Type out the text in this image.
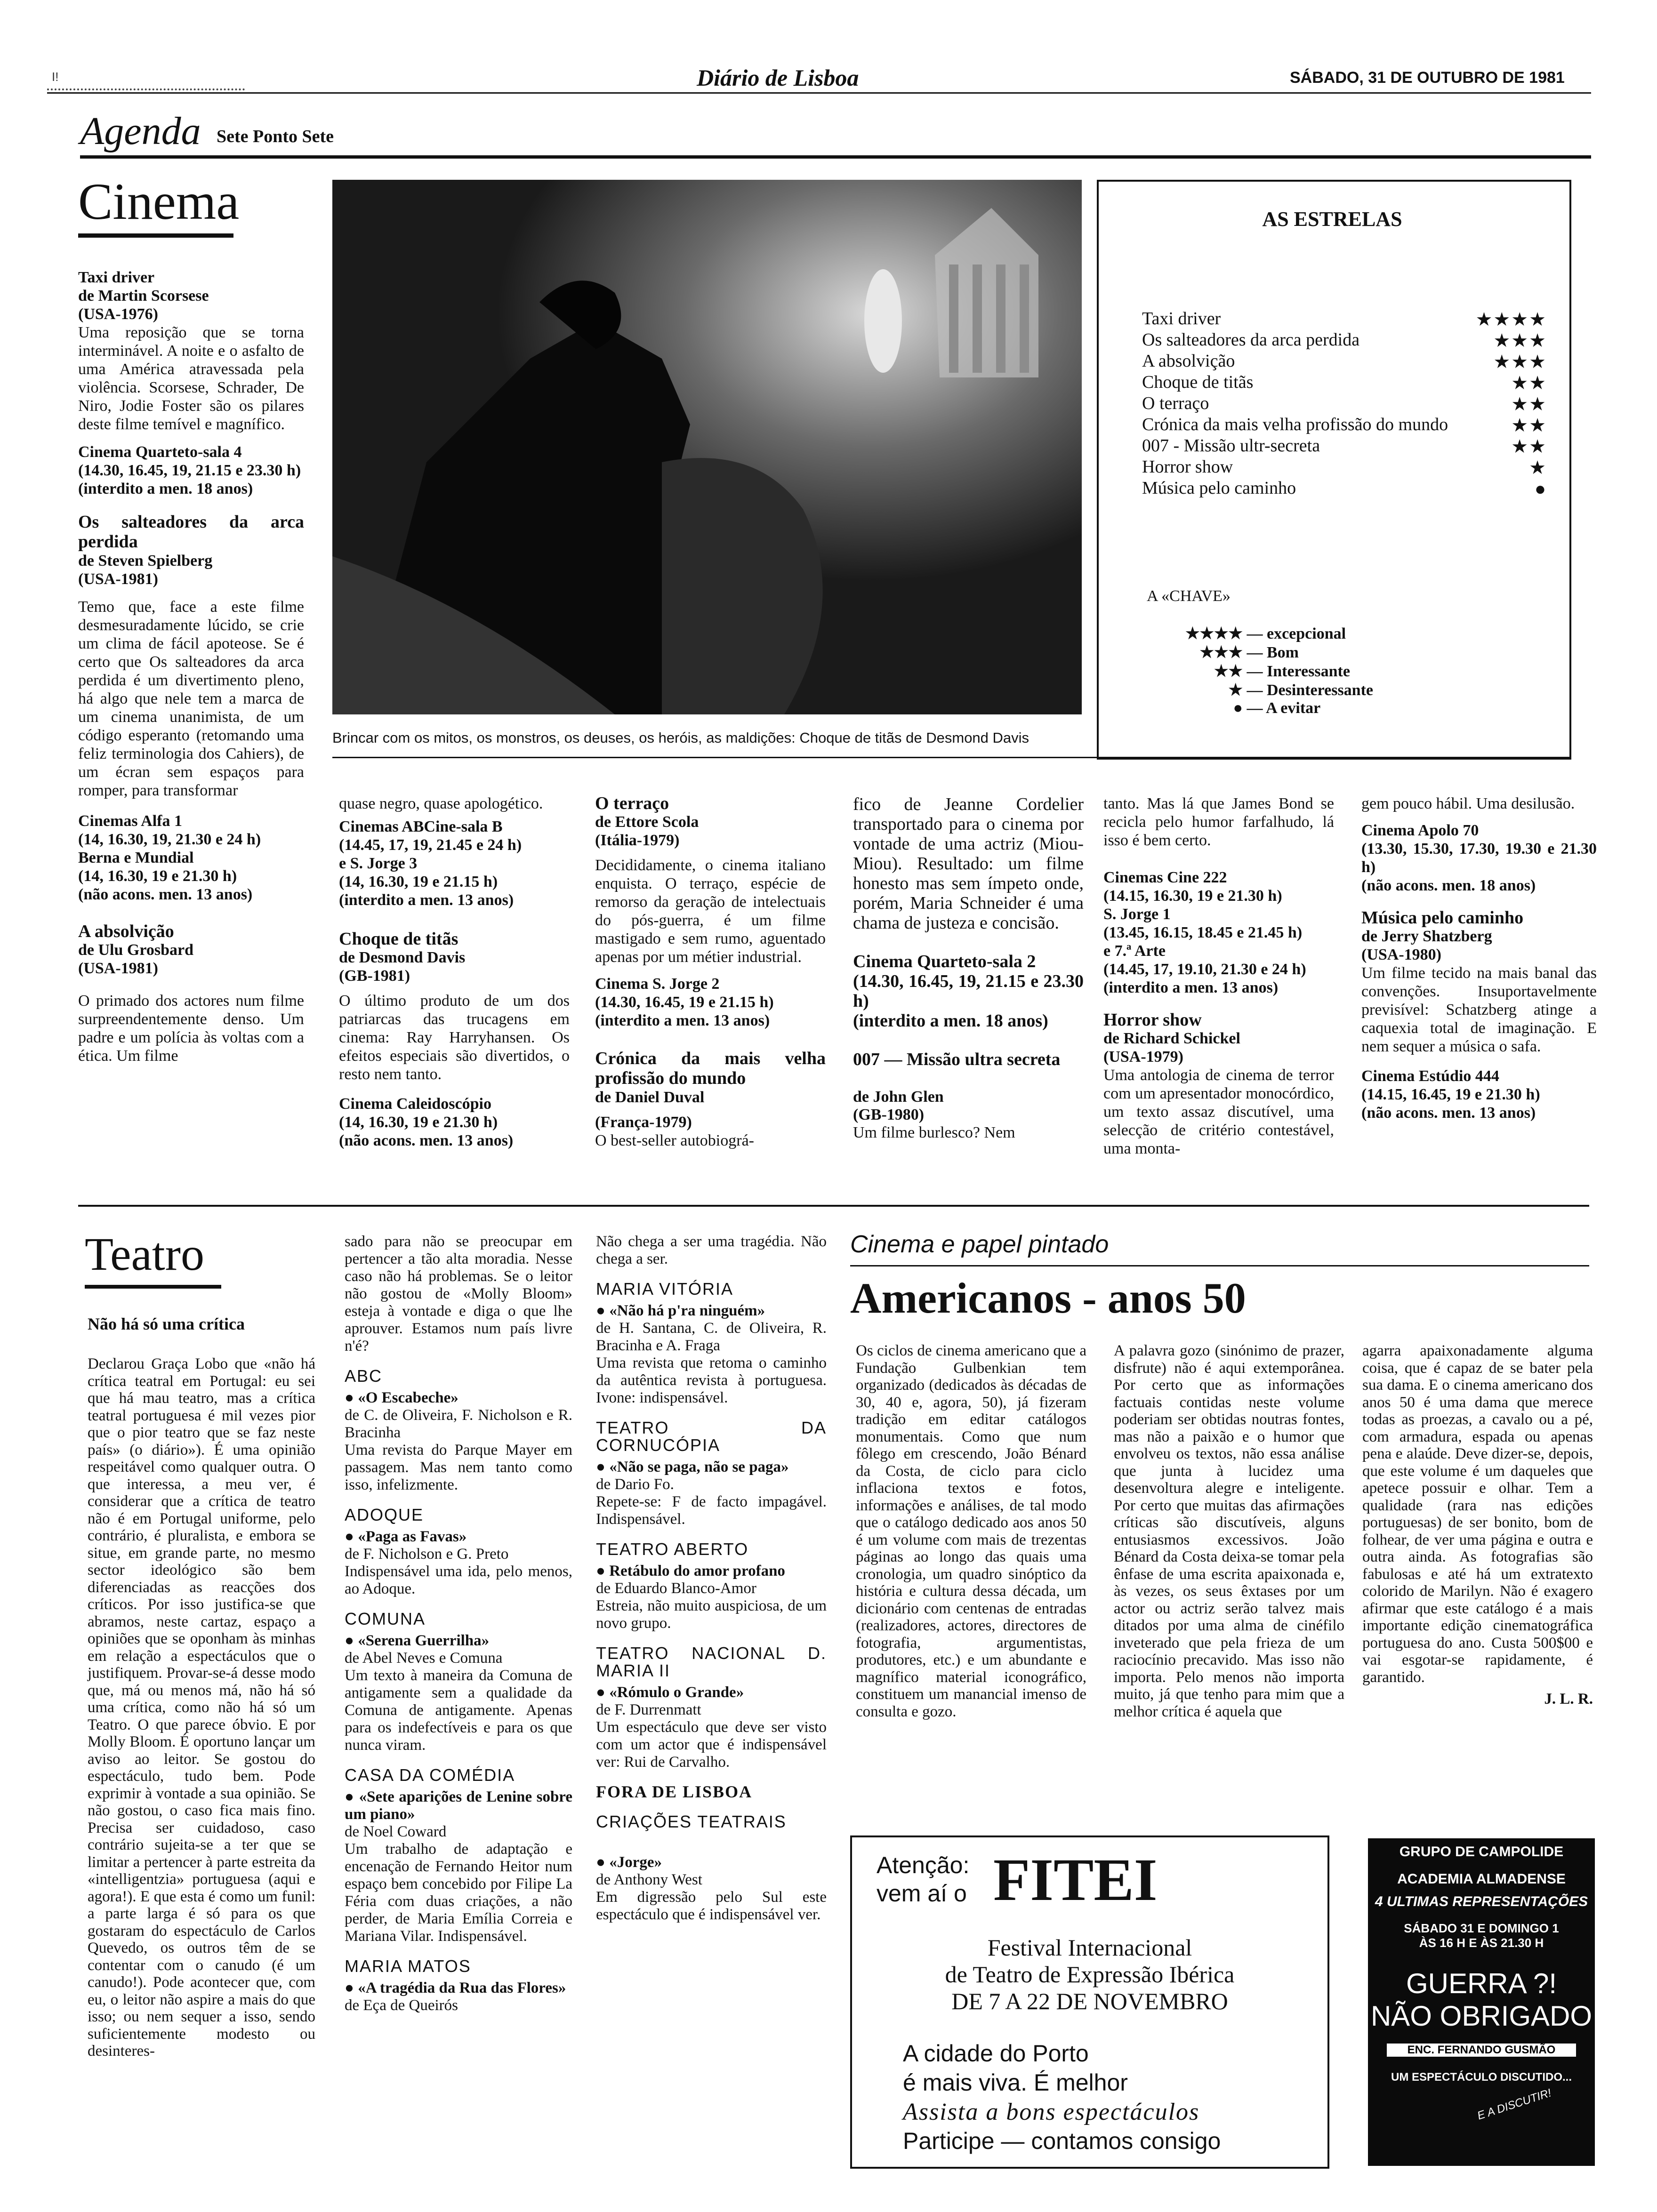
I!	Diário de Lisboa	SÁBADO, 31 DE OUTUBRO DE 1981
Agenda Sete Ponto Sete
Cinema
Taxi driver
de Martin Scorsese
(USA-1976)

Uma reposição que se torna interminável. A noite e o asfalto de uma América atravessada pela violência. Scorsese, Schrader, De Niro, Jodie Foster são os pilares deste filme temível e magnífico.

Cinema Quarteto-sala 4
(14.30, 16.45, 19, 21.15 e 23.30 h)
(interdito a men. 18 anos)
Os salteadores da arca perdida
de Steven Spielberg
(USA-1981)

Temo que, face a este filme desmesuradamente lúcido, se crie um clima de fácil apoteose. Se é certo que Os salteadores da arca perdida é um divertimento pleno, há algo que nele tem a marca de um cinema unanimista, de um código esperanto (retomando uma feliz terminologia dos Cahiers), de um écran sem espaços para romper, para transformar

Cinemas Alfa 1
(14, 16.30, 19, 21.30 e 24 h)
Berna e Mundial
(14, 16.30, 19 e 21.30 h)
(não acons. men. 13 anos)
A absolvição
de Ulu Grosbard
(USA-1981)

O primado dos actores num filme surpreendentemente denso. Um padre e um polícia às voltas com a ética. Um filme

Brincar com os mitos, os monstros, os deuses, os heróis, as maldições: Choque de titãs de Desmond Davis
AS ESTRELAS
Taxi driver	★★★★
Os salteadores da arca perdida	★★★
A absolvição	★★★
Choque de titãs	★★
O terraço	★★
Crónica da mais velha profissão do mundo	★★
007 - Missão ultr-secreta	★★
Horror show	★
Música pelo caminho	●
A «CHAVE»
★★★★ — excepcional
★★★ — Bom
★★ — Interessante
★ — Desinteressante
● — A evitar

quase negro, quase apologético.

Cinemas ABCine-sala B
(14.45, 17, 19, 21.45 e 24 h)
e S. Jorge 3
(14, 16.30, 19 e 21.15 h)
(interdito a men. 13 anos)
Choque de titãs
de Desmond Davis
(GB-1981)

O último produto de um dos patriarcas das trucagens em cinema: Ray Harryhansen. Os efeitos especiais são divertidos, o resto nem tanto.

Cinema Caleidoscópio
(14, 16.30, 19 e 21.30 h)
(não acons. men. 13 anos)
O terraço
de Ettore Scola
(Itália-1979)

Decididamente, o cinema italiano enquista. O terraço, espécie de remorso da geração de intelectuais do pós-guerra, é um filme mastigado e sem rumo, aguentado apenas por um métier industrial.

Cinema S. Jorge 2
(14.30, 16.45, 19 e 21.15 h)
(interdito a men. 13 anos)
Crónica da mais velha profissão do mundo
de Daniel Duval
(França-1979)

O best-seller autobiográ-

fico de Jeanne Cordelier transportado para o cinema por vontade de uma actriz (Miou-Miou). Resultado: um filme honesto mas sem ímpeto onde, porém, Maria Schneider é uma chama de justeza e concisão.

Cinema Quarteto-sala 2
(14.30, 16.45, 19, 21.15 e 23.30 h)
(interdito a men. 18 anos)
007 — Missão ultra secreta
de John Glen
(GB-1980)

Um filme burlesco? Nem

tanto. Mas lá que James Bond se recicla pelo humor farfalhudo, lá isso é bem certo.

Cinemas Cine 222
(14.15, 16.30, 19 e 21.30 h)
S. Jorge 1
(13.45, 16.15, 18.45 e 21.45 h)
e 7.ª Arte
(14.45, 17, 19.10, 21.30 e 24 h)
(interdito a men. 13 anos)
Horror show
de Richard Schickel
(USA-1979)

Uma antologia de cinema de terror com um apresentador monocórdico, um texto assaz discutível, uma selecção de critério contestável, uma monta-

gem pouco hábil. Uma desilusão.

Cinema Apolo 70
(13.30, 15.30, 17.30, 19.30 e 21.30 h)
(não acons. men. 18 anos)
Música pelo caminho
de Jerry Shatzberg
(USA-1980)

Um filme tecido na mais banal das convenções. Insuportavelmente previsível: Schatzberg atinge a caquexia total de imaginação. E nem sequer a música o safa.

Cinema Estúdio 444
(14.15, 16.45, 19 e 21.30 h)
(não acons. men. 13 anos)
Teatro
Não há só uma crítica

Declarou Graça Lobo que «não há crítica teatral em Portugal: eu sei que há mau teatro, mas a crítica teatral portuguesa é mil vezes pior que o pior teatro que se faz neste país» (o diário»). É uma opinião respeitável como qualquer outra. O que interessa, a meu ver, é considerar que a crítica de teatro não é em Portugal uniforme, pelo contrário, é pluralista, e embora se situe, em grande parte, no mesmo sector ideológico são bem diferenciadas as reacções dos críticos. Por isso justifica-se que abramos, neste cartaz, espaço a opiniões que se oponham às minhas em relação a espectáculos que o justifiquem. Provar-se-á desse modo que, má ou menos má, não há só uma crítica, como não há só um Teatro. O que parece óbvio. E por Molly Bloom. É oportuno lançar um aviso ao leitor. Se gostou do espectáculo, tudo bem. Pode exprimir à vontade a sua opinião. Se não gostou, o caso fica mais fino. Precisa ser cuidadoso, caso contrário sujeita-se a ter que se limitar a pertencer à parte estreita da «intelligentzia» portuguesa (aqui e agora!). E que esta é como um funil: a parte larga é só para os que gostaram do espectáculo de Carlos Quevedo, os outros têm de se contentar com o canudo (é um canudo!). Pode acontecer que, com eu, o leitor não aspire a mais do que isso; ou nem sequer a isso, sendo suficientemente modesto ou desinteres-

sado para não se preocupar em pertencer a tão alta moradia. Nesse caso não há problemas. Se o leitor não gostou de «Molly Bloom» esteja à vontade e diga o que lhe aprouver. Estamos num país livre n'é?

ABC
● «O Escabeche»
de C. de Oliveira, F. Nicholson e R. Bracinha
Uma revista do Parque Mayer em passagem. Mas nem tanto como isso, infelizmente.
ADOQUE
● «Paga as Favas»
de F. Nicholson e G. Preto
Indispensável uma ida, pelo menos, ao Adoque.
COMUNA
● «Serena Guerrilha»
de Abel Neves e Comuna
Um texto à maneira da Comuna de antigamente sem a qualidade da Comuna de antigamente. Apenas para os indefectíveis e para os que nunca viram.
CASA DA COMÉDIA
● «Sete aparições de Lenine sobre um piano»
de Noel Coward
Um trabalho de adaptação e encenação de Fernando Heitor num espaço bem concebido por Filipe La Féria com duas criações, a não perder, de Maria Emília Correia e Mariana Vilar. Indispensável.
MARIA MATOS
● «A tragédia da Rua das Flores»
de Eça de Queirós

Não chega a ser uma tragédia. Não chega a ser.

MARIA VITÓRIA
● «Não há p'ra ninguém»
de H. Santana, C. de Oliveira, R. Bracinha e A. Fraga
Uma revista que retoma o caminho da autêntica revista à portuguesa. Ivone: indispensável.
TEATRO DA CORNUCÓPIA
● «Não se paga, não se paga»
de Dario Fo.
Repete-se: F de facto impagável. Indispensável.
TEATRO ABERTO
● Retábulo do amor profano
de Eduardo Blanco-Amor
Estreia, não muito auspiciosa, de um novo grupo.
TEATRO NACIONAL D. MARIA II
● «Rómulo o Grande»
de F. Durrenmatt
Um espectáculo que deve ser visto com um actor que é indispensável ver: Rui de Carvalho.
FORA DE LISBOA
CRIAÇÕES TEATRAIS
● «Jorge»
de Anthony West
Em digressão pelo Sul este espectáculo que é indispensável ver.
Cinema e papel pintado
Americanos - anos 50

Os ciclos de cinema americano que a Fundação Gulbenkian tem organizado (dedicados às décadas de 30, 40 e, agora, 50), já fizeram tradição em editar catálogos monumentais. Como que num fôlego em crescendo, João Bénard da Costa, de ciclo para ciclo inflaciona textos e fotos, informações e análises, de tal modo que o catálogo dedicado aos anos 50 é um volume com mais de trezentas páginas ao longo das quais uma cronologia, um quadro sinóptico da história e cultura dessa década, um dicionário com centenas de entradas (realizadores, actores, directores de fotografia, argumentistas, produtores, etc.) e um abundante e magnífico material iconográfico, constituem um manancial imenso de consulta e gozo.

A palavra gozo (sinónimo de prazer, disfrute) não é aqui extemporânea. Por certo que as informações factuais contidas neste volume poderiam ser obtidas noutras fontes, mas não a paixão e o humor que envolveu os textos, não essa análise que junta à lucidez uma desenvoltura alegre e inteligente. Por certo que muitas das afirmações críticas são discutíveis, alguns entusiasmos excessivos. João Bénard da Costa deixa-se tomar pela ênfase de uma escrita apaixonada e, às vezes, os seus êxtases por um actor ou actriz serão talvez mais ditados por uma alma de cinéfilo inveterado que pela frieza de um raciocínio precavido. Mas isso não importa. Pelo menos não importa muito, já que tenho para mim que a melhor crítica é aquela que

agarra apaixonadamente alguma coisa, que é capaz de se bater pela sua dama. E o cinema americano dos anos 50 é uma dama que merece todas as proezas, a cavalo ou a pé, com armadura, espada ou apenas pena e alaúde. Deve dizer-se, depois, que este volume é um daqueles que apetece possuir e olhar. Tem a qualidade (rara nas edições portuguesas) de ser bonito, bom de folhear, de ver uma página e outra e outra ainda. As fotografias são fabulosas e até há um extratexto colorido de Marilyn. Não é exagero afirmar que este catálogo é a mais importante edição cinematográfica portuguesa do ano. Custa 500$00 e vai esgotar-se rapidamente, é garantido.

J. L. R.
Atenção:
vem aí o FITEI
Festival Internacional
de Teatro de Expressão Ibérica
DE 7 A 22 DE NOVEMBRO
A cidade do Porto
é mais viva. É melhor
Assista a bons espectáculos
Participe — contamos consigo
GRUPO DE CAMPOLIDE
ACADEMIA ALMADENSE
4 ULTIMAS REPRESENTAÇÕES
SÁBADO 31 E DOMINGO 1
ÀS 16 H E ÀS 21.30 H
GUERRA ?!
NÃO OBRIGADO
ENC. FERNANDO GUSMÃO
UM ESPECTÁCULO DISCUTIDO...
E A DISCUTIR!
